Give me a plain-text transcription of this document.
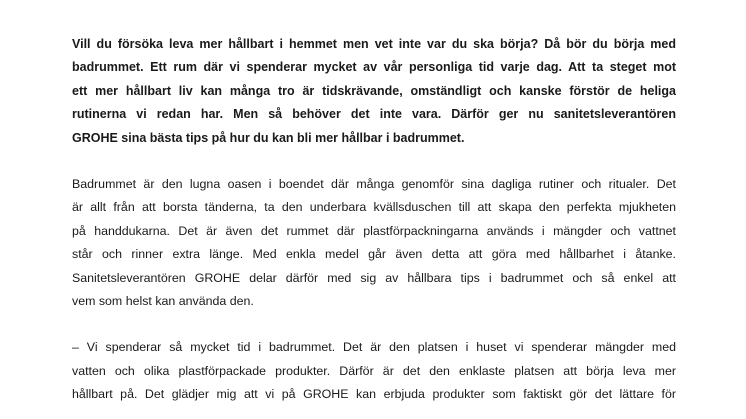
Vill du försöka leva mer hållbart i hemmet men vet inte var du ska börja? Då bör du börja med
badrummet. Ett rum där vi spenderar mycket av vår personliga tid varje dag. Att ta steget mot
ett mer hållbart liv kan många tro är tidskrävande, omständligt och kanske förstör de heliga
rutinerna vi redan har. Men så behöver det inte vara. Därför ger nu sanitetsleverantören
GROHE sina bästa tips på hur du kan bli mer hållbar i badrummet.

Badrummet är den lugna oasen i boendet där många genomför sina dagliga rutiner och ritualer. Det
är allt från att borsta tänderna, ta den underbara kvällsduschen till att skapa den perfekta mjukheten
på handdukarna. Det är även det rummet där plastförpackningarna används i mängder och vattnet
står och rinner extra länge. Med enkla medel går även detta att göra med hållbarhet i åtanke.
Sanitetsleverantören GROHE delar därför med sig av hållbara tips i badrummet och så enkel att
vem som helst kan använda den.

– Vi spenderar så mycket tid i badrummet. Det är den platsen i huset vi spenderar mängder med
vatten och olika plastförpackade produkter. Därför är det den enklaste platsen att börja leva mer
hållbart på. Det glädjer mig att vi på GROHE kan erbjuda produkter som faktiskt gör det lättare för
